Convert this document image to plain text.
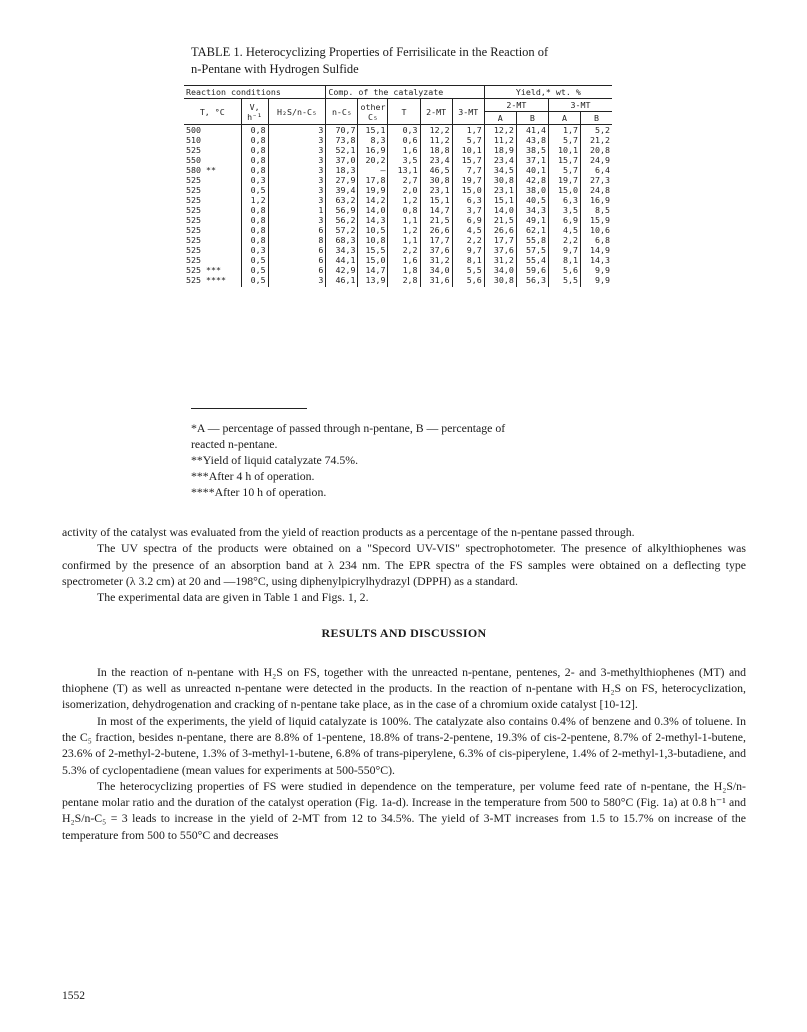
TABLE 1. Heterocyclizing Properties of Ferrisilicate in the Reaction of
n-Pentane with Hydrogen Sulfide
Reaction conditions			Comp. of the catalyzate					Yield,* wt. %			
T, °C	V, h⁻¹	H₂S/n-C₅	n-C₅	other C₅	T	2-MT	3-MT	2-MT		3-MT	
								A	B	A	B
500	0,8	3	70,7	15,1	0,3	12,2	1,7	12,2	41,4	1,7	5,2
510	0,8	3	73,8	8,3	0,6	11,2	5,7	11,2	43,8	5,7	21,2
525	0,8	3	52,1	16,9	1,6	18,8	10,1	18,9	38,5	10,1	20,8
550	0,8	3	37,0	20,2	3,5	23,4	15,7	23,4	37,1	15,7	24,9
580 **	0,8	3	18,3	—	13,1	46,5	7,7	34,5	40,1	5,7	6,4
525	0,3	3	27,9	17,8	2,7	30,8	19,7	30,8	42,8	19,7	27,3
525	0,5	3	39,4	19,9	2,0	23,1	15,0	23,1	38,0	15,0	24,8
525	1,2	3	63,2	14,2	1,2	15,1	6,3	15,1	40,5	6,3	16,9
525	0,8	1	56,9	14,0	0,8	14,7	3,7	14,0	34,3	3,5	8,5
525	0,8	3	56,2	14,3	1,1	21,5	6,9	21,5	49,1	6,9	15,9
525	0,8	6	57,2	10,5	1,2	26,6	4,5	26,6	62,1	4,5	10,6
525	0,8	8	68,3	10,8	1,1	17,7	2,2	17,7	55,8	2,2	6,8
525	0,3	6	34,3	15,5	2,2	37,6	9,7	37,6	57,5	9,7	14,9
525	0,5	6	44,1	15,0	1,6	31,2	8,1	31,2	55,4	8,1	14,3
525 ***	0,5	6	42,9	14,7	1,8	34,0	5,5	34,0	59,6	5,6	9,9
525 ****	0,5	3	46,1	13,9	2,8	31,6	5,6	30,8	56,3	5,5	9,9

*A — percentage of passed through n-pentane, B — percentage of

reacted n-pentane.

**Yield of liquid catalyzate 74.5%.

***After 4 h of operation.

****After 10 h of operation.

activity of the catalyst was evaluated from the yield of reaction products as a percentage of the n-pentane passed through.

The UV spectra of the products were obtained on a "Specord UV-VIS" spectrophotometer. The presence of alkylthiophenes was confirmed by the presence of an absorption band at λ 234 nm. The EPR spectra of the FS samples were obtained on a deflecting type spectrometer (λ 3.2 cm) at 20 and —198°C, using diphenylpicrylhydrazyl (DPPH) as a standard.

The experimental data are given in Table 1 and Figs. 1, 2.

RESULTS AND DISCUSSION

In the reaction of n-pentane with H₂S on FS, together with the unreacted n-pentane, pentenes, 2- and 3-methylthiophenes (MT) and thiophene (T) as well as unreacted n-pentane were detected in the products. In the reaction of n-pentane with H₂S on FS, heterocyclization, isomerization, dehydrogenation and cracking of n-pentane take place, as in the case of a chromium oxide catalyst [10-12].

In most of the experiments, the yield of liquid catalyzate is 100%. The catalyzate also contains 0.4% of benzene and 0.3% of toluene. In the C₅ fraction, besides n-pentane, there are 8.8% of 1-pentene, 18.8% of trans-2-pentene, 19.3% of cis-2-pentene, 8.7% of 2-methyl-1-butene, 23.6% of 2-methyl-2-butene, 1.3% of 3-methyl-1-butene, 6.8% of trans-piperylene, 6.3% of cis-piperylene, 1.4% of 2-methyl-1,3-butadiene, and 5.3% of cyclopentadiene (mean values for experiments at 500-550°C).

The heterocyclizing properties of FS were studied in dependence on the temperature, per volume feed rate of n-pentane, the H₂S/n-pentane molar ratio and the duration of the catalyst operation (Fig. 1a-d). Increase in the temperature from 500 to 580°C (Fig. 1a) at 0.8 h⁻¹ and H₂S/n-C₅ = 3 leads to increase in the yield of 2-MT from 12 to 34.5%. The yield of 3-MT increases from 1.5 to 15.7% on increase of the temperature from 500 to 550°C and decreases

1552
